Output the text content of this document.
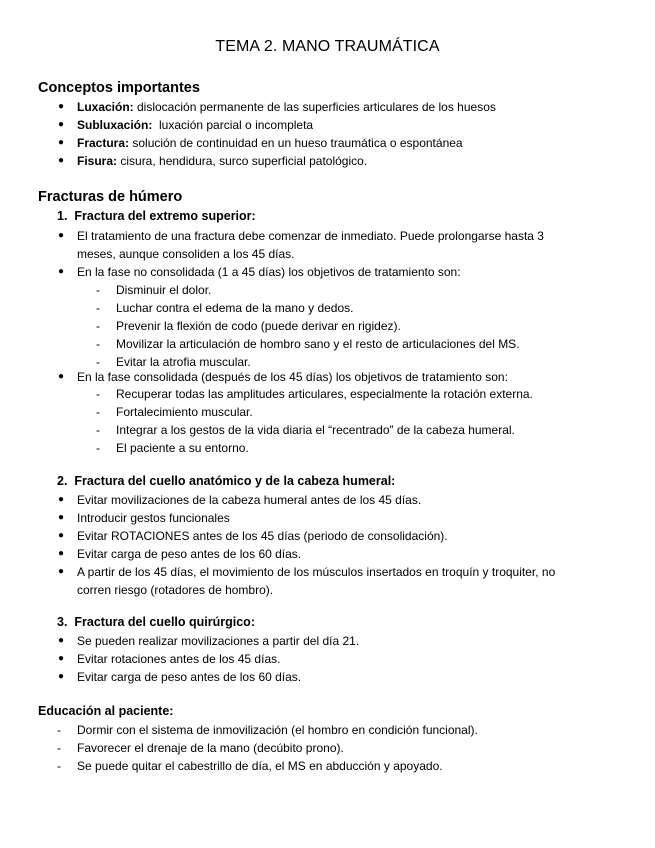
TEMA 2. MANO TRAUMÁTICA
Conceptos importantes
● Luxación: dislocación permanente de las superficies articulares de los huesos
● Subluxación:  luxación parcial o incompleta
● Fractura: solución de continuidad en un hueso traumática o espontánea
● Fisura: cisura, hendidura, surco superficial patológico.
Fracturas de húmero
1. Fractura del extremo superior:
● El tratamiento de una fractura debe comenzar de inmediato. Puede prolongarse hasta 3
meses, aunque consoliden a los 45 días.
● En la fase no consolidada (1 a 45 días) los objetivos de tratamiento son:
- Disminuir el dolor.
- Luchar contra el edema de la mano y dedos.
- Prevenir la flexión de codo (puede derivar en rigidez).
- Movilizar la articulación de hombro sano y el resto de articulaciones del MS.
- Evitar la atrofia muscular.
● En la fase consolidada (después de los 45 días) los objetivos de tratamiento son:
- Recuperar todas las amplitudes articulares, especialmente la rotación externa.
- Fortalecimiento muscular.
- Integrar a los gestos de la vida diaria el “recentrado” de la cabeza humeral.
- El paciente a su entorno.
2. Fractura del cuello anatómico y de la cabeza humeral:
● Evitar movilizaciones de la cabeza humeral antes de los 45 días.
● Introducir gestos funcionales
● Evitar ROTACIONES antes de los 45 días (periodo de consolidación).
● Evitar carga de peso antes de los 60 días.
● A partir de los 45 días, el movimiento de los músculos insertados en troquín y troquiter, no
corren riesgo (rotadores de hombro).
3. Fractura del cuello quirúrgico:
● Se pueden realizar movilizaciones a partir del día 21.
● Evitar rotaciones antes de los 45 días.
● Evitar carga de peso antes de los 60 días.
Educación al paciente:
- Dormir con el sistema de inmovilización (el hombro en condición funcional).
- Favorecer el drenaje de la mano (decúbito prono).
- Se puede quitar el cabestrillo de día, el MS en abducción y apoyado.
